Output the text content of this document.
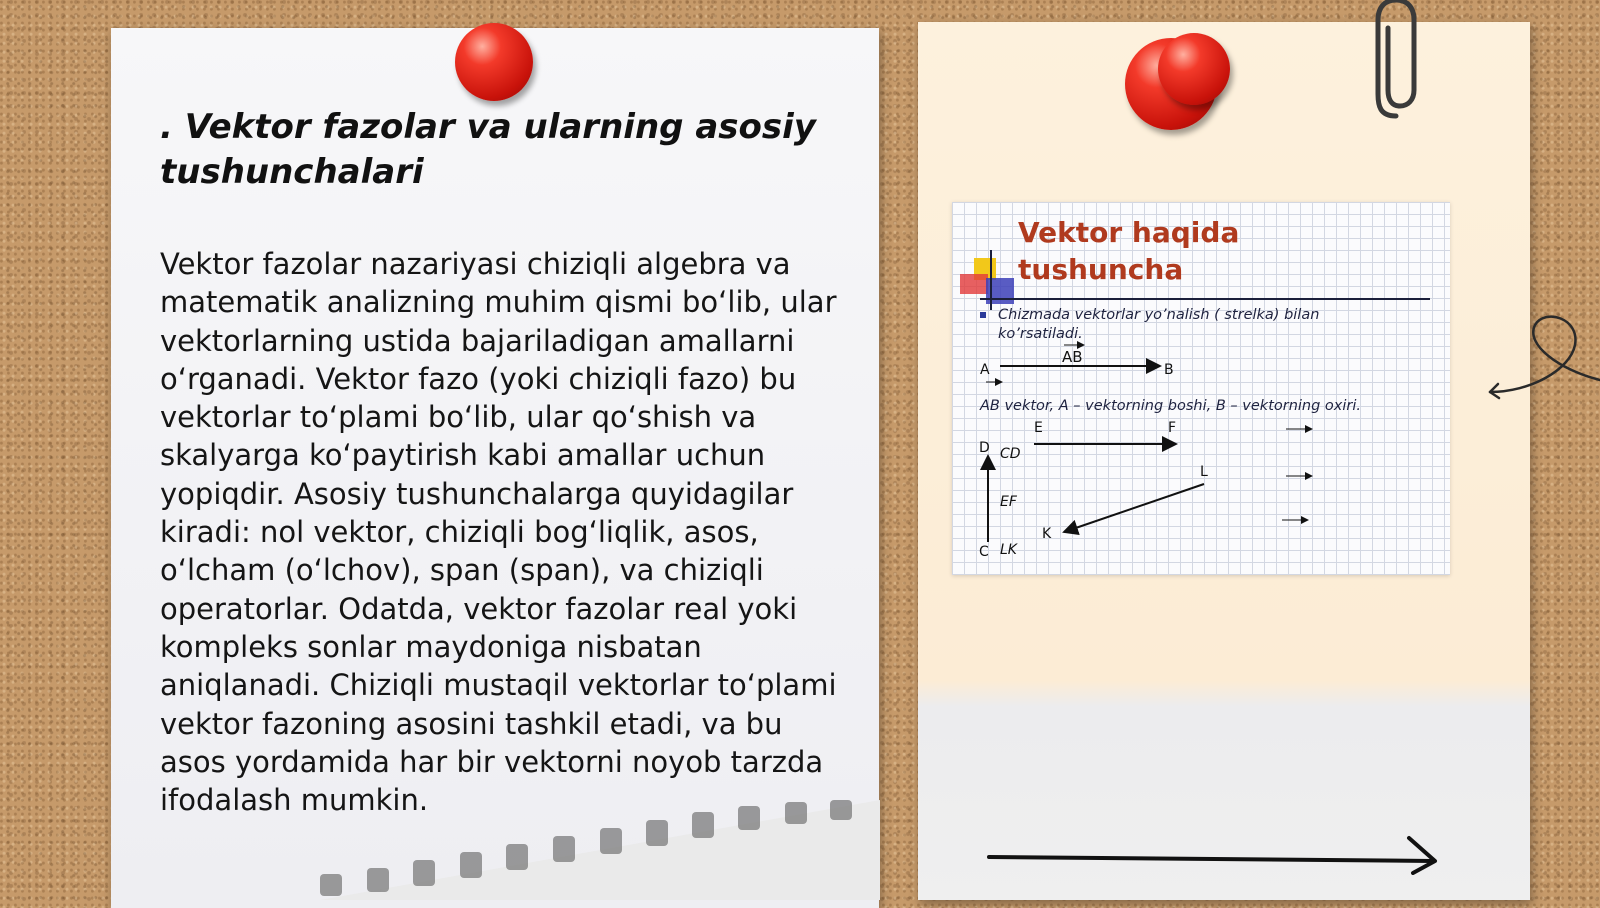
. Vektor fazolar va ularning asosiy tushunchalari

Vektor fazolar nazariyasi chiziqli algebra va matematik analizning muhim qismi bo‘lib, ular vektorlarning ustida bajariladigan amallarni o‘rganadi. Vektor fazo (yoki chiziqli fazo) bu vektorlar to‘plami bo‘lib, ular qo‘shish va skalyarga ko‘paytirish kabi amallar uchun yopiqdir. Asosiy tushunchalarga quyidagilar kiradi: nol vektor, chiziqli bog‘liqlik, asos, o‘lcham (o‘lchov), span (span), va chiziqli operatorlar. Odatda, vektor fazolar real yoki kompleks sonlar maydoniga nisbatan aniqlanadi. Chiziqli mustaqil vektorlar to‘plami vektor fazoning asosini tashkil etadi, va bu asos yordamida har bir vektorni noyob tarzda ifodalash mumkin.

Vektor haqida
tushuncha

Chizmada vektorlar yo’nalish ( strelka) bilan ko’rsatiladi.

AB
A	B
E	F
D
C
CD
EF
LK
L
K

AB vektor, A – vektorning boshi, B – vektorning oxiri.
